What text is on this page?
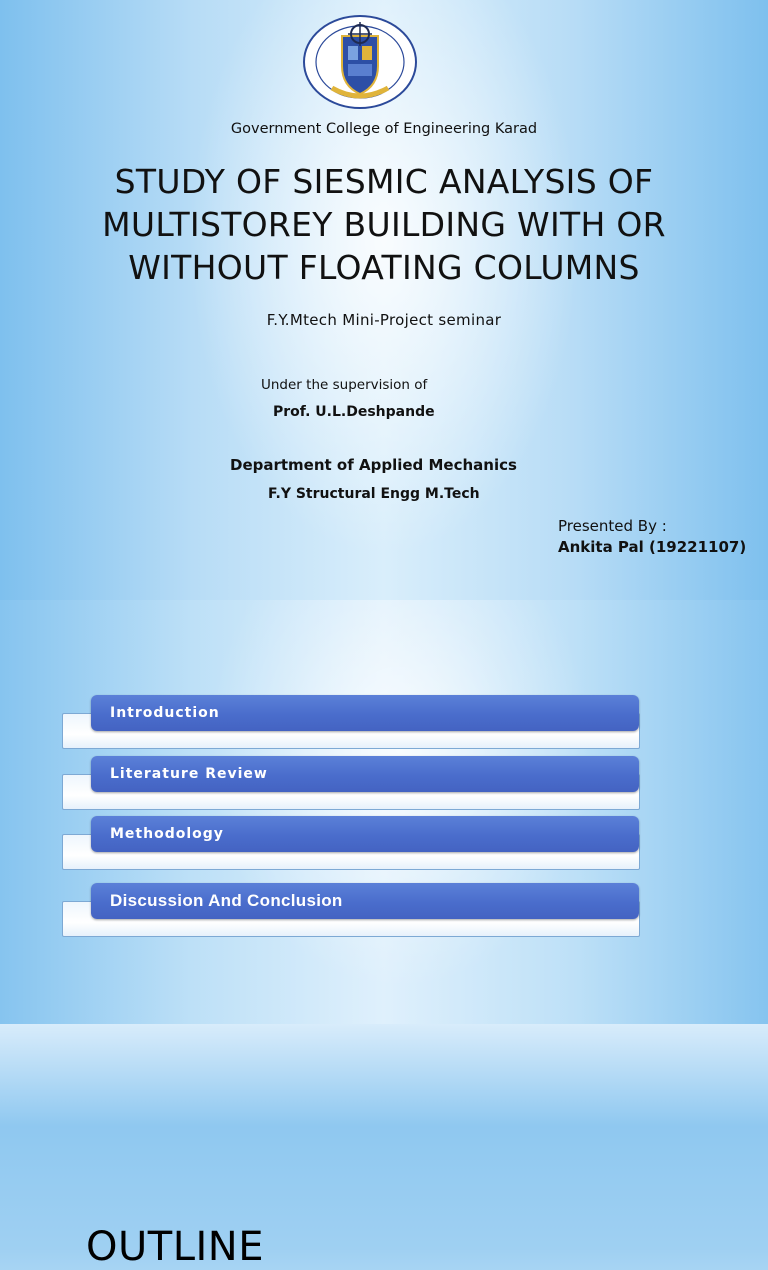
Government College of Engineering Karad
STUDY OF SIESMIC ANALYSIS OF
MULTISTOREY BUILDING WITH OR
WITHOUT FLOATING COLUMNS
F.Y.Mtech Mini-Project seminar
Under the supervision of
Prof. U.L.Deshpande
Department of Applied Mechanics
F.Y Structural Engg M.Tech
Presented By :
Ankita Pal (19221107)
OUTLINE
Introduction
Literature Review
Methodology
Discussion And Conclusion
